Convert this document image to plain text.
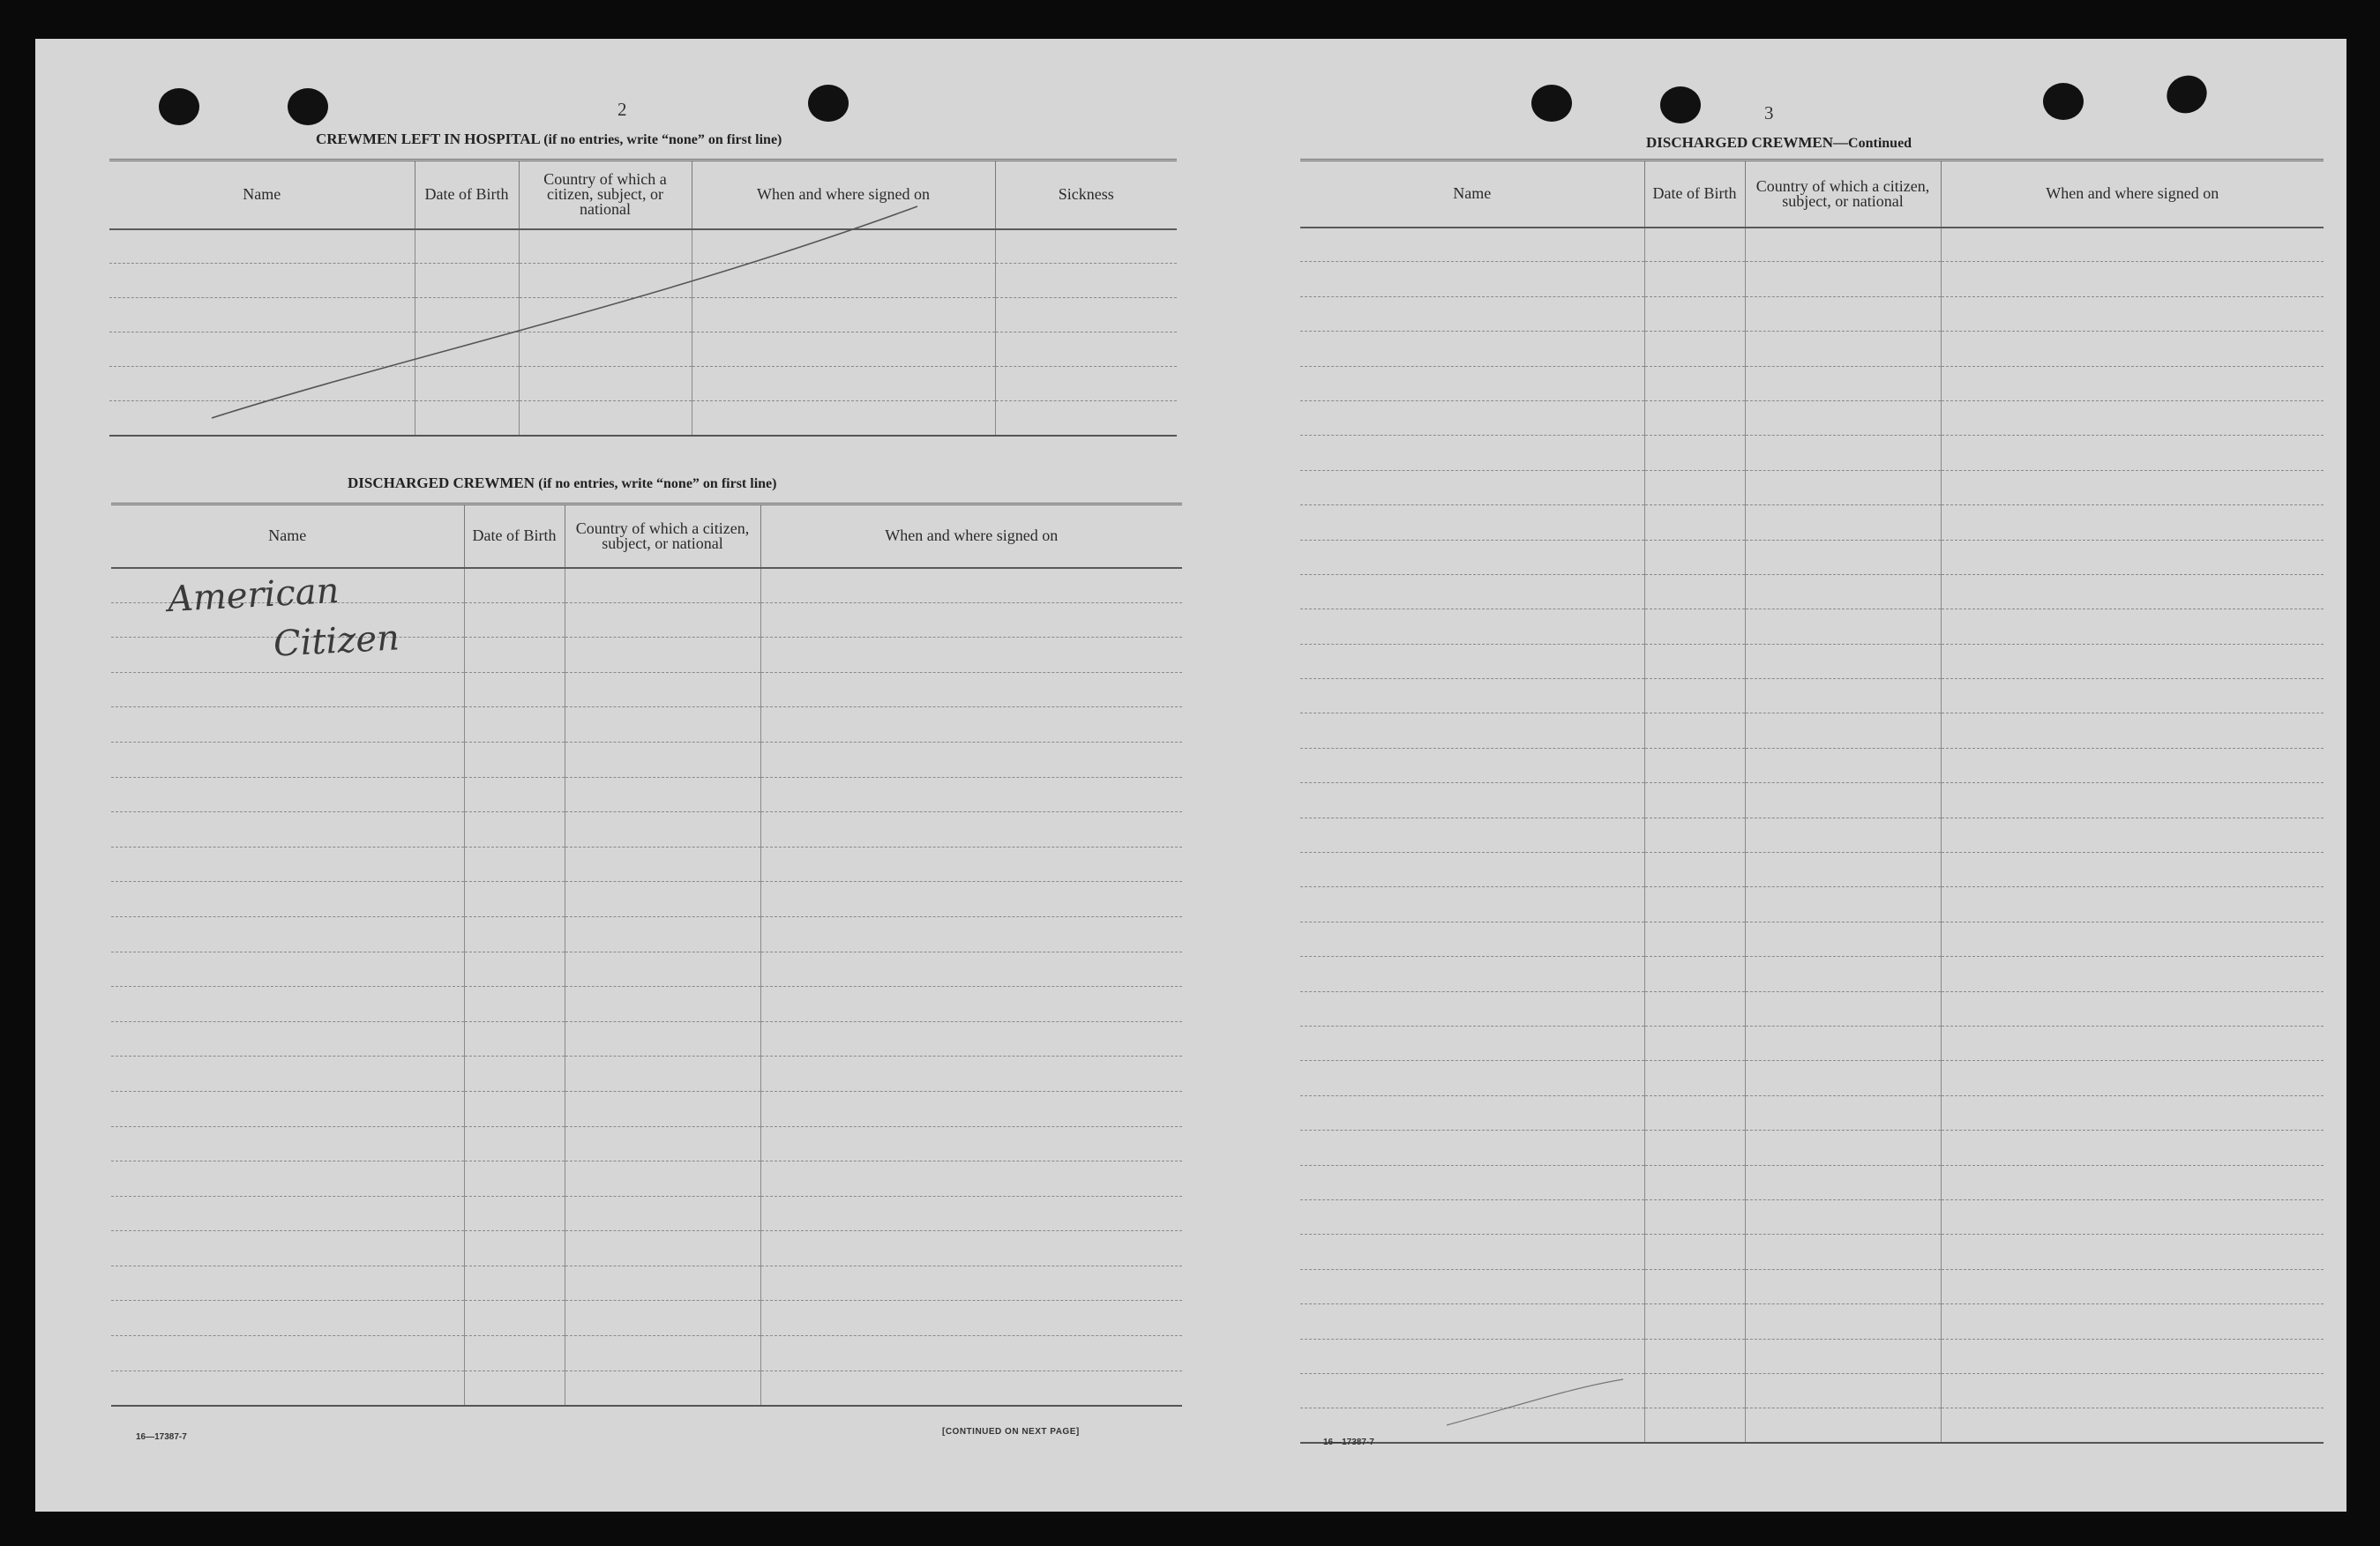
2
CREWMEN LEFT IN HOSPITAL (if no entries, write “none” on first line)
Name	Date of Birth	Country of which a citizen, subject, or national	When and where signed on	Sickness

DISCHARGED CREWMEN (if no entries, write “none” on first line)
Name	Date of Birth	Country of which a citizen, subject, or national	When and where signed on

American
Citizen
16—17387-7
[CONTINUED ON NEXT PAGE]
3
DISCHARGED CREWMEN—Continued
Name	Date of Birth	Country of which a citizen, subject, or national	When and where signed on

16—17387-7
